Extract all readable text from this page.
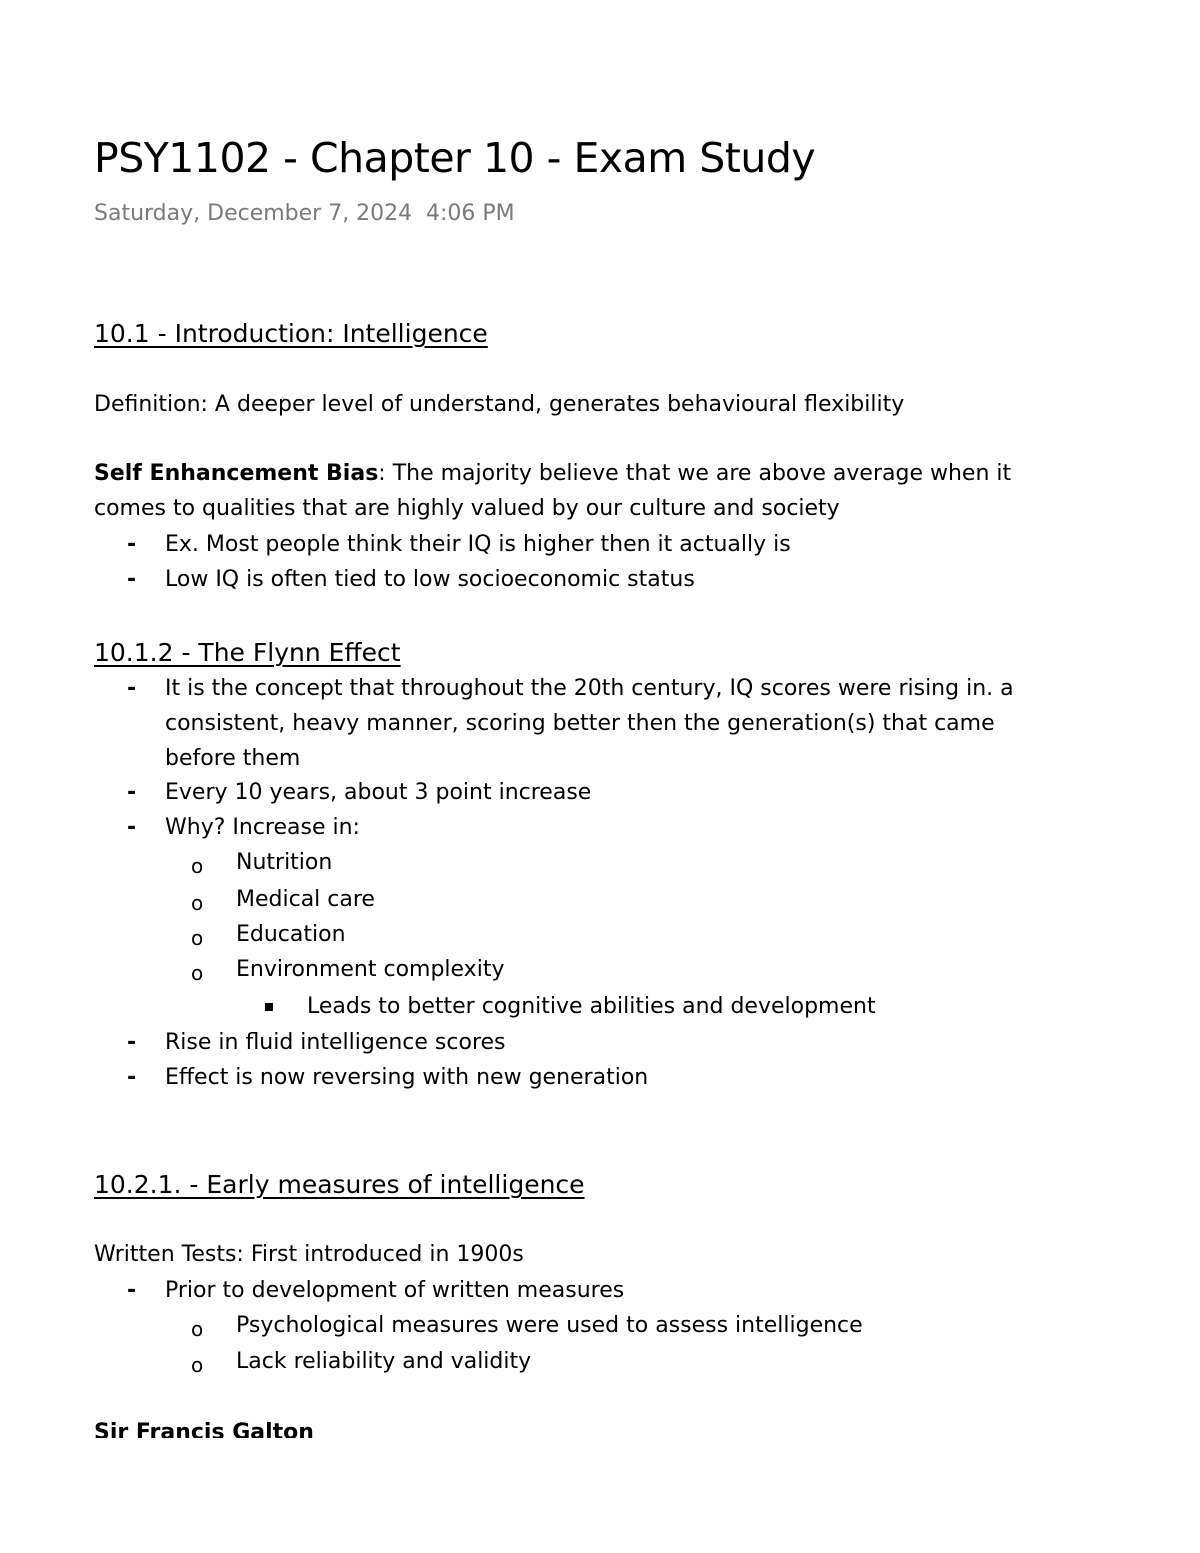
PSY1102 - Chapter 10 - Exam Study
Saturday, December 7, 2024 4:06 PM
10.1 - Introduction: Intelligence
Definition: A deeper level of understand, generates behavioural flexibility
Self Enhancement Bias: The majority believe that we are above average when it
comes to qualities that are highly valued by our culture and society
- Ex. Most people think their IQ is higher then it actually is
- Low IQ is often tied to low socioeconomic status
10.1.2 - The Flynn Effect
- It is the concept that throughout the 20th century, IQ scores were rising in. a
consistent, heavy manner, scoring better then the generation(s) that came
before them
- Every 10 years, about 3 point increase
- Why? Increase in:
o Nutrition
o Medical care
o Education
o Environment complexity
Leads to better cognitive abilities and development
- Rise in fluid intelligence scores
- Effect is now reversing with new generation
10.2.1. - Early measures of intelligence
Written Tests: First introduced in 1900s
- Prior to development of written measures
o Psychological measures were used to assess intelligence
o Lack reliability and validity
Sir Francis Galton
